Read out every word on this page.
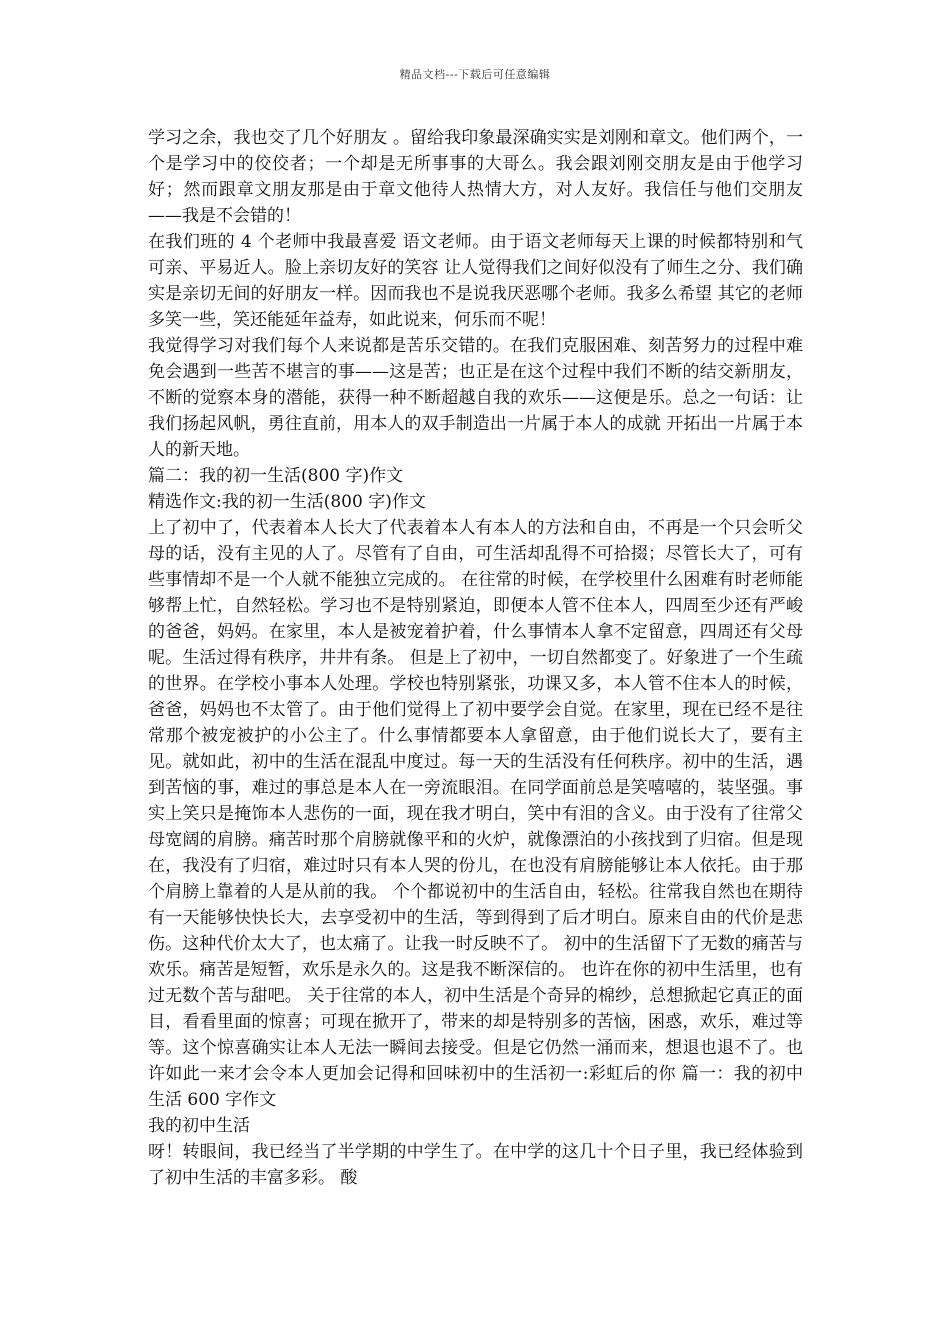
精品文档---下载后可任意编辑

学习之余，我也交了几个好朋友 。留给我印象最深确实实是刘刚和章文。他们两个，一个是学习中的佼佼者；一个却是无所事事的大哥么。我会跟刘刚交朋友是由于他学习好；然而跟章文朋友那是由于章文他待人热情大方，对人友好。我信任与他们交朋友——我是不会错的！

在我们班的 4 个老师中我最喜爱 语文老师。由于语文老师每天上课的时候都特别和气可亲、平易近人。脸上亲切友好的笑容 让人觉得我们之间好似没有了师生之分、我们确实是亲切无间的好朋友一样。因而我也不是说我厌恶哪个老师。我多么希望 其它的老师多笑一些，笑还能延年益寿，如此说来，何乐而不呢！

我觉得学习对我们每个人来说都是苦乐交错的。在我们克服困难、刻苦努力的过程中难免会遇到一些苦不堪言的事——这是苦；也正是在这个过程中我们不断的结交新朋友，不断的觉察本身的潜能，获得一种不断超越自我的欢乐——这便是乐。总之一句话：让我们扬起风帆，勇往直前，用本人的双手制造出一片属于本人的成就 开拓出一片属于本人的新天地。

篇二：我的初一生活(800 字)作文

精选作文:我的初一生活(800 字)作文

上了初中了，代表着本人长大了代表着本人有本人的方法和自由，不再是一个只会听父母的话，没有主见的人了。尽管有了自由，可生活却乱得不可拾掇；尽管长大了，可有些事情却不是一个人就不能独立完成的。 在往常的时候，在学校里什么困难有时老师能够帮上忙，自然轻松。学习也不是特别紧迫，即便本人管不住本人，四周至少还有严峻的爸爸，妈妈。在家里，本人是被宠着护着，什么事情本人拿不定留意，四周还有父母呢。生活过得有秩序，井井有条。 但是上了初中，一切自然都变了。好象进了一个生疏的世界。在学校小事本人处理。学校也特别紧张，功课又多，本人管不住本人的时候，爸爸，妈妈也不太管了。由于他们觉得上了初中要学会自觉。在家里，现在已经不是往常那个被宠被护的小公主了。什么事情都要本人拿留意，由于他们说长大了，要有主见。就如此，初中的生活在混乱中度过。每一天的生活没有任何秩序。初中的生活，遇到苦恼的事，难过的事总是本人在一旁流眼泪。在同学面前总是笑嘻嘻的，装坚强。事实上笑只是掩饰本人悲伤的一面，现在我才明白，笑中有泪的含义。由于没有了往常父母宽阔的肩膀。痛苦时那个肩膀就像平和的火炉，就像漂泊的小孩找到了归宿。但是现在，我没有了归宿，难过时只有本人哭的份儿，在也没有肩膀能够让本人依托。由于那个肩膀上靠着的人是从前的我。 个个都说初中的生活自由，轻松。往常我自然也在期待有一天能够快快长大，去享受初中的生活，等到得到了后才明白。原来自由的代价是悲伤。这种代价太大了，也太痛了。让我一时反映不了。 初中的生活留下了无数的痛苦与欢乐。痛苦是短暂，欢乐是永久的。这是我不断深信的。 也许在你的初中生活里，也有过无数个苦与甜吧。 关于往常的本人，初中生活是个奇异的棉纱，总想掀起它真正的面目，看看里面的惊喜；可现在掀开了，带来的却是特别多的苦恼，困惑，欢乐，难过等等。这个惊喜确实让本人无法一瞬间去接受。但是它仍然一涌而来，想退也退不了。也许如此一来才会令本人更加会记得和回味初中的生活初一:彩虹后的你 篇一：我的初中生活 600 字作文

我的初中生活

呀！转眼间，我已经当了半学期的中学生了。在中学的这几十个日子里，我已经体验到了初中生活的丰富多彩。 酸
